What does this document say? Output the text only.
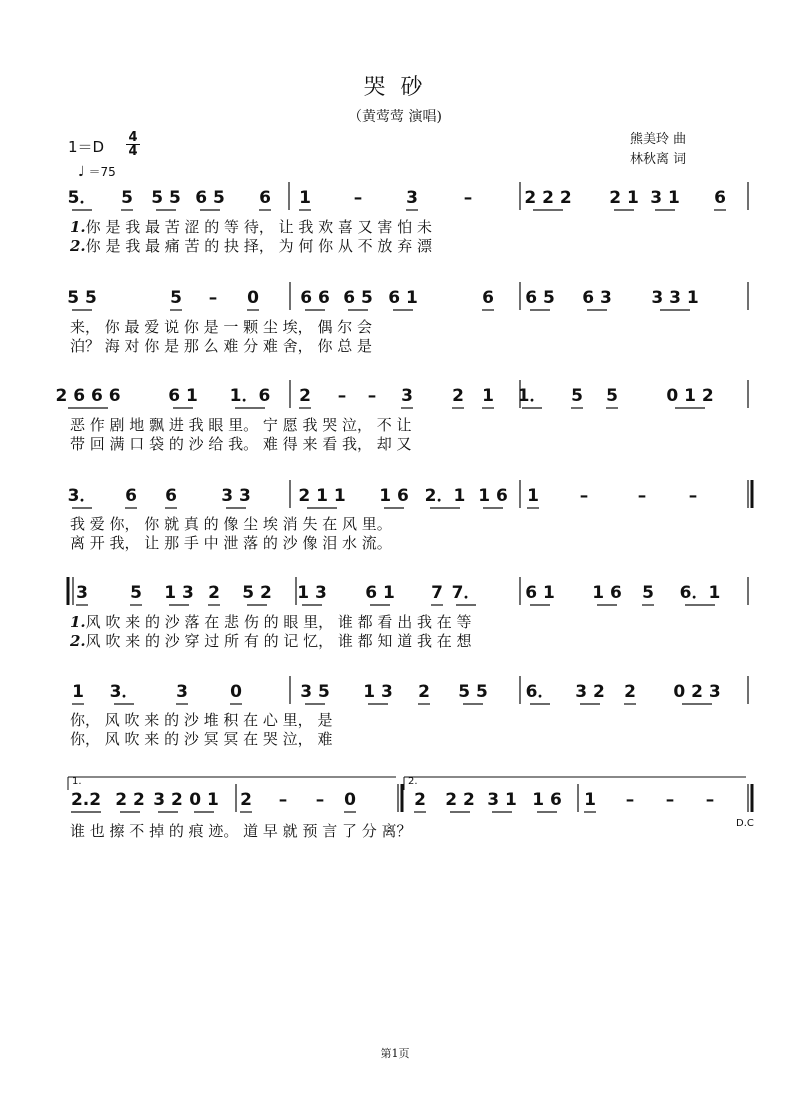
哭 砂
（黄莺莺 演唱)
熊美玲 曲
林秋离 词
1＝D
4
4
♩ ＝75
5． 5 5 5 6 5 6 1	–	3	–	2 2 2 2 1 3 1 6
1.你 是 我 最 苦 涩 的 等 待， 让 我 欢 喜 又 害 怕 未
2.你 是 我 最 痛 苦 的 抉 择， 为 何 你 从 不 放 弃 漂
5 5	5 – 0 6 6 6 5 6 1	6 6 5 6 3 3 3 1
来， 你 最 爱 说 你 是 一 颗 尘 埃， 偶 尔 会
泊？ 海 对 你 是 那 么 难 分 难 舍， 你 总 是
2 6 6 6	6 1 1．6 2 – – 3 2 1 1． 5 5	0 1 2
恶 作 剧 地 飘 进 我 眼 里。 宁 愿 我 哭 泣， 不 让
带 回 满 口 袋 的 沙 给 我。 难 得 来 看 我， 却 又
3． 6 6	3 3	2 1 1 1 6 2．1 1 6 1 –	–	–
我 爱 你， 你 就 真 的 像 尘 埃 消 失 在 风 里。
离 开 我， 让 那 手 中 泄 落 的 沙 像 泪 水 流。
3 5 1 3 2 5 2 1 3 6 1 7 7．	6 1 1 6 5 6．1
1.风 吹 来 的 沙 落 在 悲 伤 的 眼 里， 谁 都 看 出 我 在 等
2.风 吹 来 的 沙 穿 过 所 有 的 记 忆， 谁 都 知 道 我 在 想
1 3． 3 0	3 5 1 3 2 5 5 6． 3 2 2 0 2 3
你， 风 吹 来 的 沙 堆 积 在 心 里， 是
你， 风 吹 来 的 沙 冥 冥 在 哭 泣， 难
2.2 2 2 3 2 0 1 2 – – 0	2 2 2 3 1 1 6 1 – – –
谁 也 擦 不 掉 的 痕 迹。 道 早 就 预 言 了 分 离？
1.	2.
D.C
第1页
